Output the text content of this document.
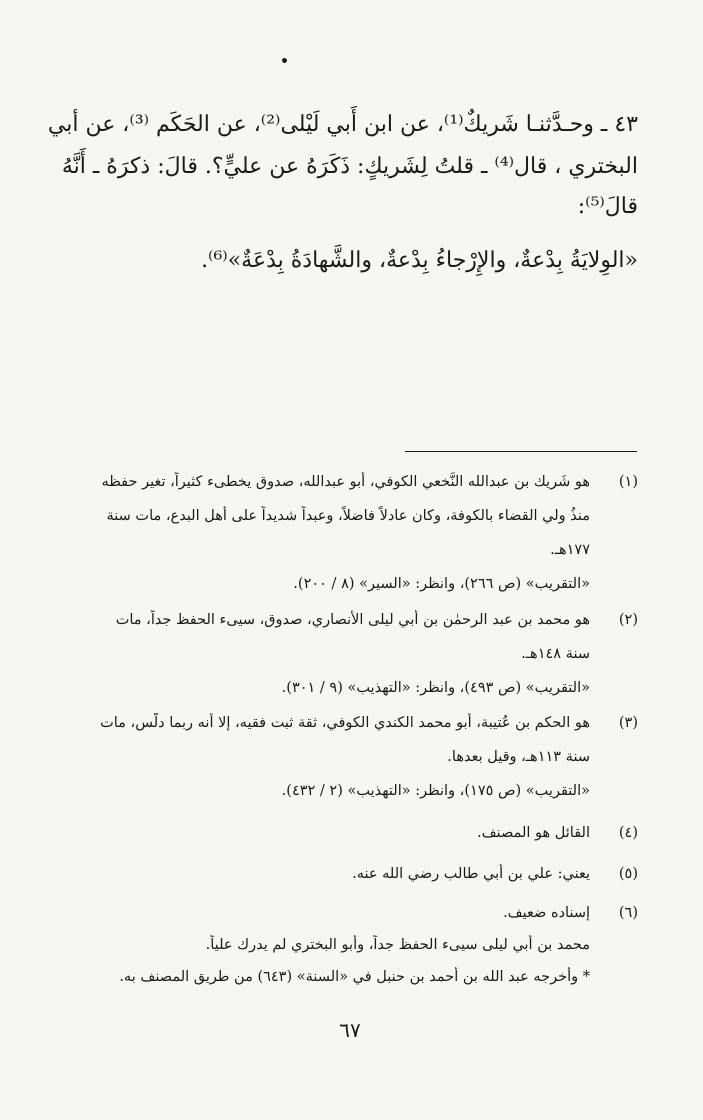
٤٣ ـ وحـدَّثنـا شَريكٌ⁽¹⁾، عن ابن أَبي لَيْلى⁽²⁾، عن الحَكَم ⁽³⁾، عن أبي
البختري ، قال⁽⁴⁾ ـ قلتُ لِشَريكٍ: ذَكَرَهُ عن عليٍّ؟. قالَ: ذكرَهُ ـ أَنَّهُ
قالَ⁽⁵⁾:
«الوِلايَةُ بِدْعةٌ، والإِرْجاءُ بِدْعةٌ، والشَّهادَةُ بِدْعَةٌ»⁽⁶⁾.
(١)
هو شَريك بن عبدالله النَّخعي الكوفي، أبو عبدالله، صدوق يخطىء كثيراً، تغير حفظه
منذُ ولي القضاء بالكوفة، وكان عادلاً فاضلاً، وعبداً شديداً على أهل البدع، مات سنة
١٧٧هـ.
«التقريب» (ص ٢٦٦)، وانظر: «السير» (٨ / ٢٠٠).
(٢)
هو محمد بن عبد الرحمٰن بن أبي ليلى الأنصاري، صدوق، سيىء الحفظ جداً، مات
سنة ١٤٨هـ.
«التقريب» (ص ٤٩٣)، وانظر: «التهذيب» (٩ / ٣٠١).
(٣)
هو الحكم بن عُتيبة، أبو محمد الكندي الكوفي، ثقة ثبت فقيه، إلا أنه ربما دلَّس، مات
سنة ١١٣هـ، وقيل بعدها.
«التقريب» (ص ١٧٥)، وانظر: «التهذيب» (٢ / ٤٣٢).
(٤)
القائل هو المصنف.
(٥)
يعني: علي بن أبي طالب رضي الله عنه.
(٦)
إسناده ضعيف.
محمد بن أبي ليلى سيىء الحفظ جداً، وأبو البختري لم يدرك علياً.
* وأخرجه عبد الله بن أحمد بن حنبل في «السنة» (٦٤٣) من طريق المصنف به.
٦٧
